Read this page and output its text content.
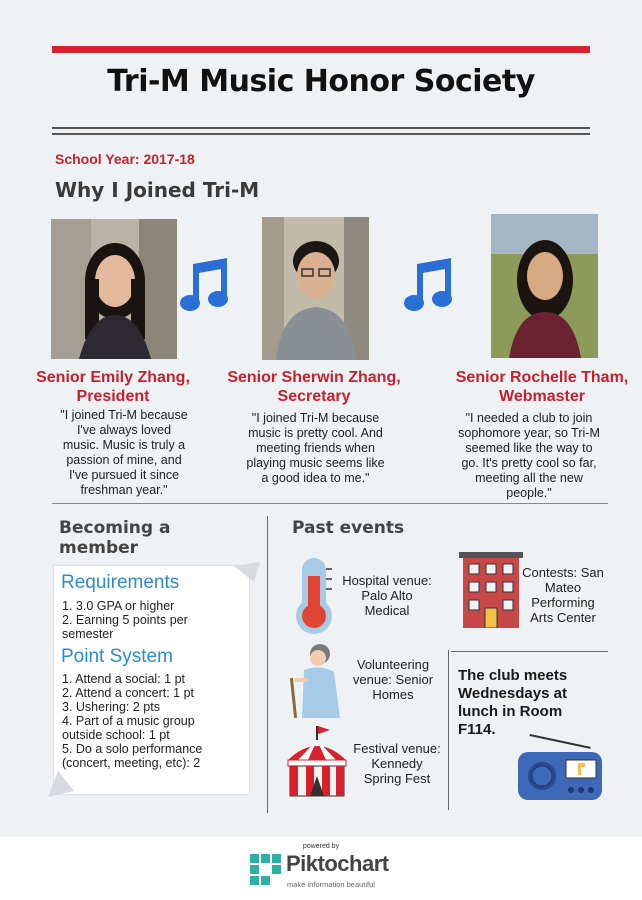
Tri-M Music Honor Society
School Year: 2017-18
Why I Joined Tri-M
Senior Emily Zhang, President
Senior Sherwin Zhang, Secretary
Senior Rochelle Tham, Webmaster
"I joined Tri-M because I've always loved music. Music is truly a passion of mine, and I've pursued it since freshman year."
"I joined Tri-M because music is pretty cool. And meeting friends when playing music seems like a good idea to me."
"I needed a club to join sophomore year, so Tri-M seemed like the way to go. It's pretty cool so far, meeting all the new people."
Becoming a
member
Requirements
1. 3.0 GPA or higher
2. Earning 5 points per
semester
Point System
1. Attend a social: 1 pt
2. Attend a concert: 1 pt
3. Ushering: 2 pts
4. Part of a music group
outside school: 1 pt
5. Do a solo performance
(concert, meeting, etc): 2
Past events
Hospital venue:
Palo Alto
Medical
Contests: San
Mateo
Performing
Arts Center
Volunteering
venue: Senior
Homes
Festival venue:
Kennedy
Spring Fest
The club meets Wednesdays at lunch in Room F114.
powered by
Piktochart
make information beautiful
